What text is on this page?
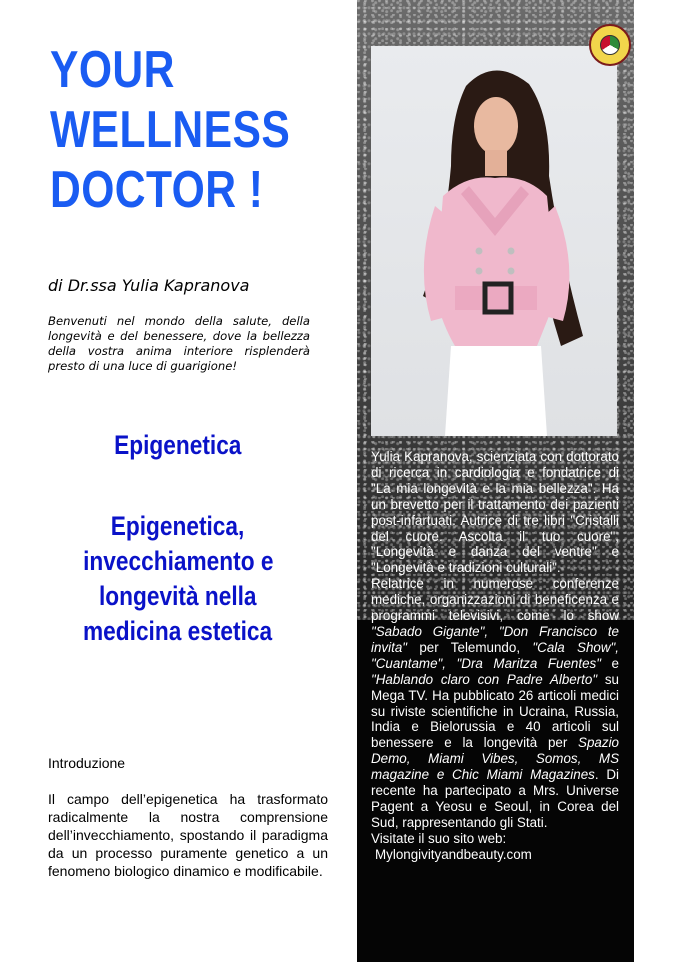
YOUR
WELLNESS
DOCTOR !
di Dr.ssa Yulia Kapranova

Benvenuti nel mondo della salute, della longevità e del benessere, dove la bellezza della vostra anima interiore risplenderà presto di una luce di guarigione!

Epigenetica
Epigenetica,
invecchiamento e
longevità nella
medicina estetica
Introduzione

Il campo dell’epigenetica ha trasformato radicalmente la nostra comprensione dell’invecchiamento, spostando il paradigma da un processo puramente genetico a un fenomeno biologico dinamico e modificabile.

Yulia Kapranova, scienziata con dottorato di ricerca in cardiologia e fondatrice di "La mia longevità e la mia bellezza". Ha un brevetto per il trattamento dei pazienti post-infartuati. Autrice di tre libri "Cristalli del cuore. Ascolta il tuo cuore", "Longevità e danza del ventre" e "Longevità e tradizioni culturali".

Relatrice in numerose conferenze mediche, organizzazioni di beneficenza e programmi televisivi, come lo show "Sabado Gigante", "Don Francisco te invita" per Telemundo, "Cala Show", "Cuantame", "Dra Maritza Fuentes" e "Hablando claro con Padre Alberto" su Mega TV. Ha pubblicato 26 articoli medici su riviste scientifiche in Ucraina, Russia, India e Bielorussia e 40 articoli sul benessere e la longevità per Spazio Demo, Miami Vibes, Somos, MS magazine e Chic Miami Magazines. Di recente ha partecipato a Mrs. Universe Pagent a Yeosu e Seoul, in Corea del Sud, rappresentando gli Stati.

Visitate il suo sito web:

Mylongivityandbeauty.com
